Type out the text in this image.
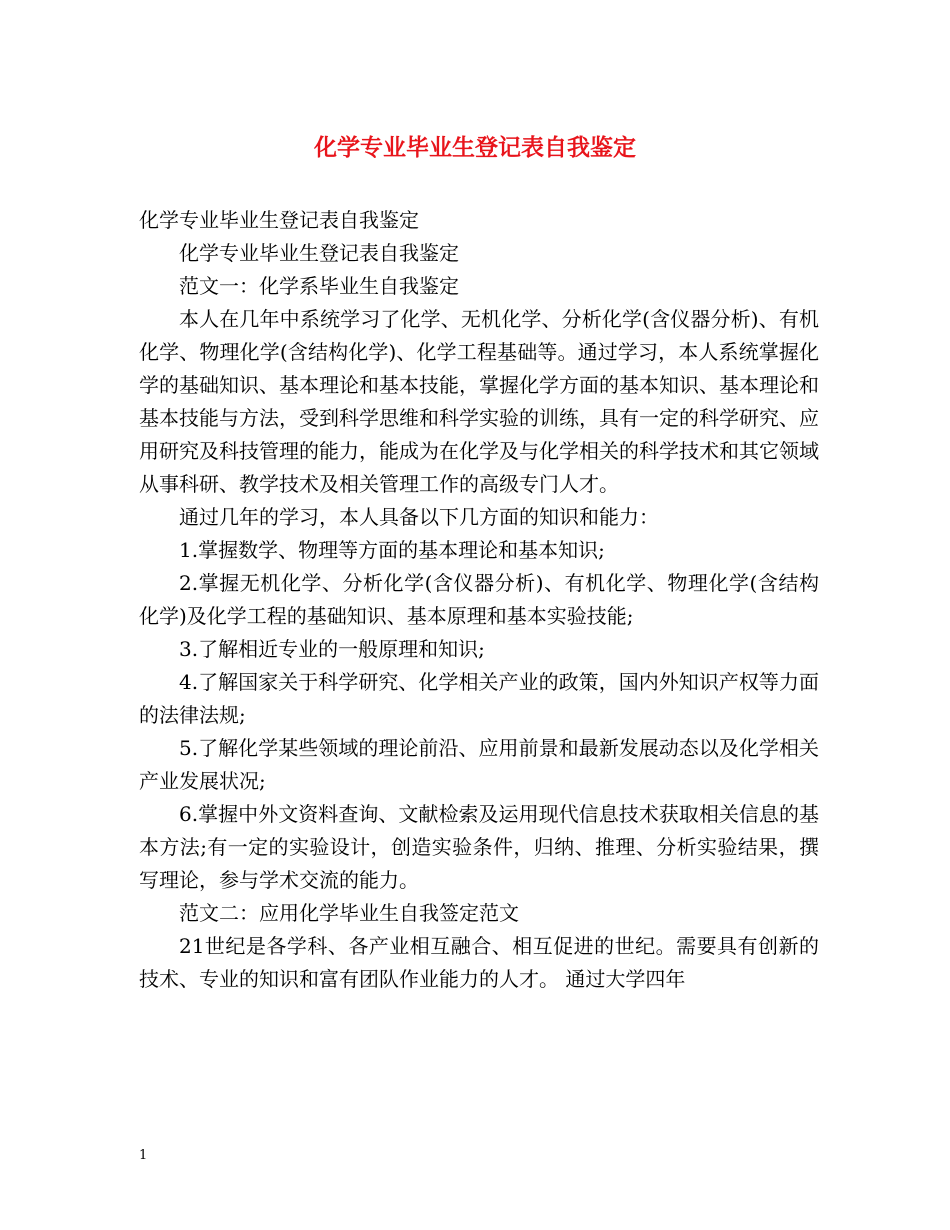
化学专业毕业生登记表自我鉴定

化学专业毕业生登记表自我鉴定

化学专业毕业生登记表自我鉴定

范文一：化学系毕业生自我鉴定

本人在几年中系统学习了化学、无机化学、分析化学(含仪器分析)、有机化学、物理化学(含结构化学)、化学工程基础等。通过学习，本人系统掌握化学的基础知识、基本理论和基本技能，掌握化学方面的基本知识、基本理论和基本技能与方法，受到科学思维和科学实验的训练，具有一定的科学研究、应用研究及科技管理的能力，能成为在化学及与化学相关的科学技术和其它领域从事科研、教学技术及相关管理工作的高级专门人才。

通过几年的学习，本人具备以下几方面的知识和能力：

1.掌握数学、物理等方面的基本理论和基本知识;

2.掌握无机化学、分析化学(含仪器分析)、有机化学、物理化学(含结构化学)及化学工程的基础知识、基本原理和基本实验技能;

3.了解相近专业的一般原理和知识;

4.了解国家关于科学研究、化学相关产业的政策，国内外知识产权等力面的法律法规;

5.了解化学某些领域的理论前沿、应用前景和最新发展动态以及化学相关产业发展状况;

6.掌握中外文资料查询、文献检索及运用现代信息技术获取相关信息的基本方法;有一定的实验设计，创造实验条件，归纳、推理、分析实验结果，撰写理论，参与学术交流的能力。

范文二：应用化学毕业生自我签定范文

21世纪是各学科、各产业相互融合、相互促进的世纪。需要具有创新的技术、专业的知识和富有团队作业能力的人才。 通过大学四年

1
